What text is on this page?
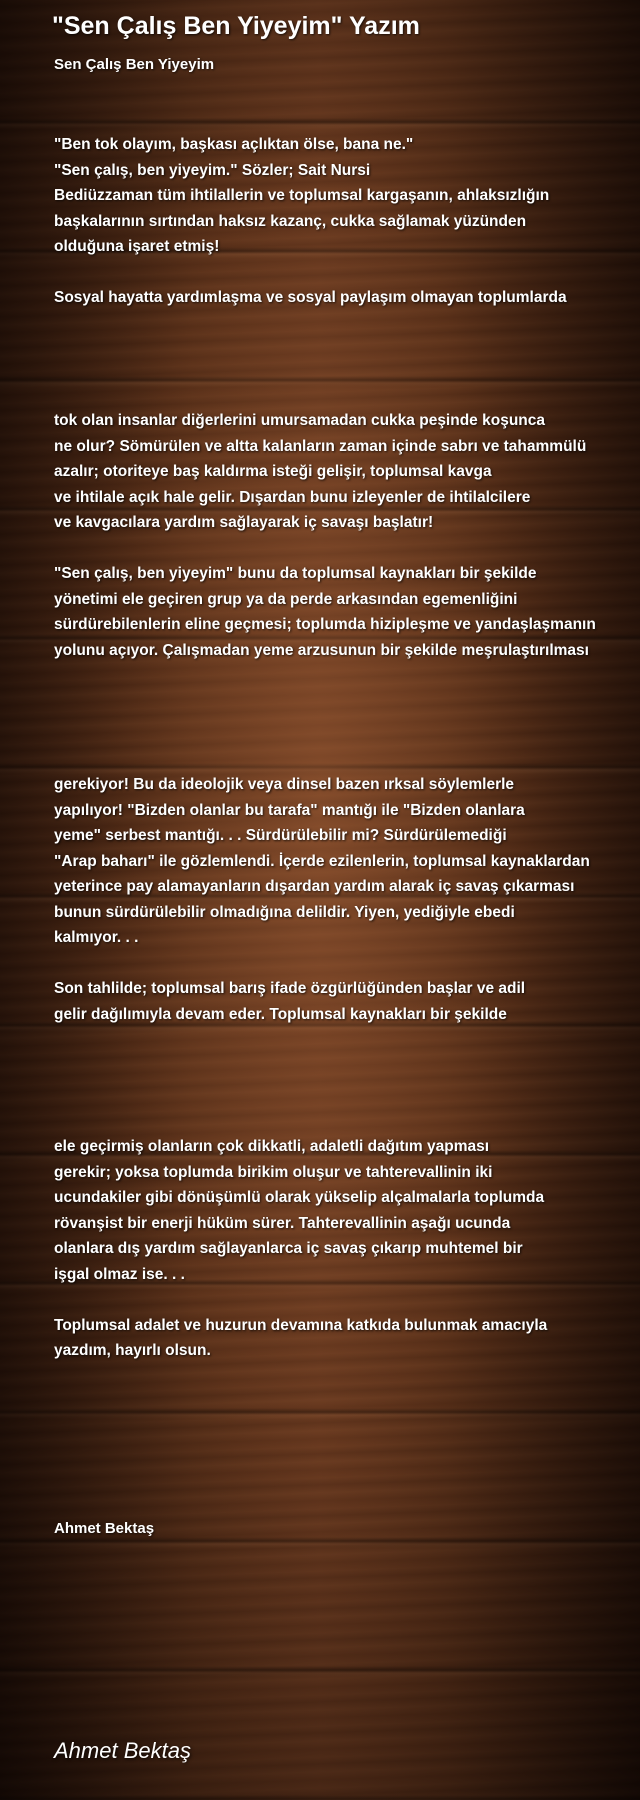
"Sen Çalış Ben Yiyeyim" Yazım
Sen Çalış Ben Yiyeyim
"Ben tok olayım, başkası açlıktan ölse, bana ne."
"Sen çalış, ben yiyeyim." Sözler; Sait Nursi
Bediüzzaman tüm ihtilallerin ve toplumsal kargaşanın, ahlaksızlığın
başkalarının sırtından haksız kazanç, cukka sağlamak yüzünden
olduğuna işaret etmiş!
Sosyal hayatta yardımlaşma ve sosyal paylaşım olmayan toplumlarda
tok olan insanlar diğerlerini umursamadan cukka peşinde koşunca
ne olur? Sömürülen ve altta kalanların zaman içinde sabrı ve tahammülü
azalır; otoriteye baş kaldırma isteği gelişir, toplumsal kavga
ve ihtilale açık hale gelir. Dışardan bunu izleyenler de ihtilalcilere
ve kavgacılara yardım sağlayarak iç savaşı başlatır!
"Sen çalış, ben yiyeyim" bunu da toplumsal kaynakları bir şekilde
yönetimi ele geçiren grup ya da perde arkasından egemenliğini
sürdürebilenlerin eline geçmesi; toplumda hizipleşme ve yandaşlaşmanın
yolunu açıyor. Çalışmadan yeme arzusunun bir şekilde meşrulaştırılması
gerekiyor! Bu da ideolojik veya dinsel bazen ırksal söylemlerle
yapılıyor! "Bizden olanlar bu tarafa" mantığı ile "Bizden olanlara
yeme" serbest mantığı. . . Sürdürülebilir mi? Sürdürülemediği
"Arap baharı" ile gözlemlendi. İçerde ezilenlerin, toplumsal kaynaklardan
yeterince pay alamayanların dışardan yardım alarak iç savaş çıkarması
bunun sürdürülebilir olmadığına delildir. Yiyen, yediğiyle ebedi
kalmıyor. . .
Son tahlilde; toplumsal barış ifade özgürlüğünden başlar ve adil
gelir dağılımıyla devam eder. Toplumsal kaynakları bir şekilde
ele geçirmiş olanların çok dikkatli, adaletli dağıtım yapması
gerekir; yoksa toplumda birikim oluşur ve tahterevallinin iki
ucundakiler gibi dönüşümlü olarak yükselip alçalmalarla toplumda
rövanşist bir enerji hüküm sürer. Tahterevallinin aşağı ucunda
olanlara dış yardım sağlayanlarca iç savaş çıkarıp muhtemel bir
işgal olmaz ise. . .
Toplumsal adalet ve huzurun devamına katkıda bulunmak amacıyla
yazdım, hayırlı olsun.
Ahmet Bektaş
Ahmet Bektaş
